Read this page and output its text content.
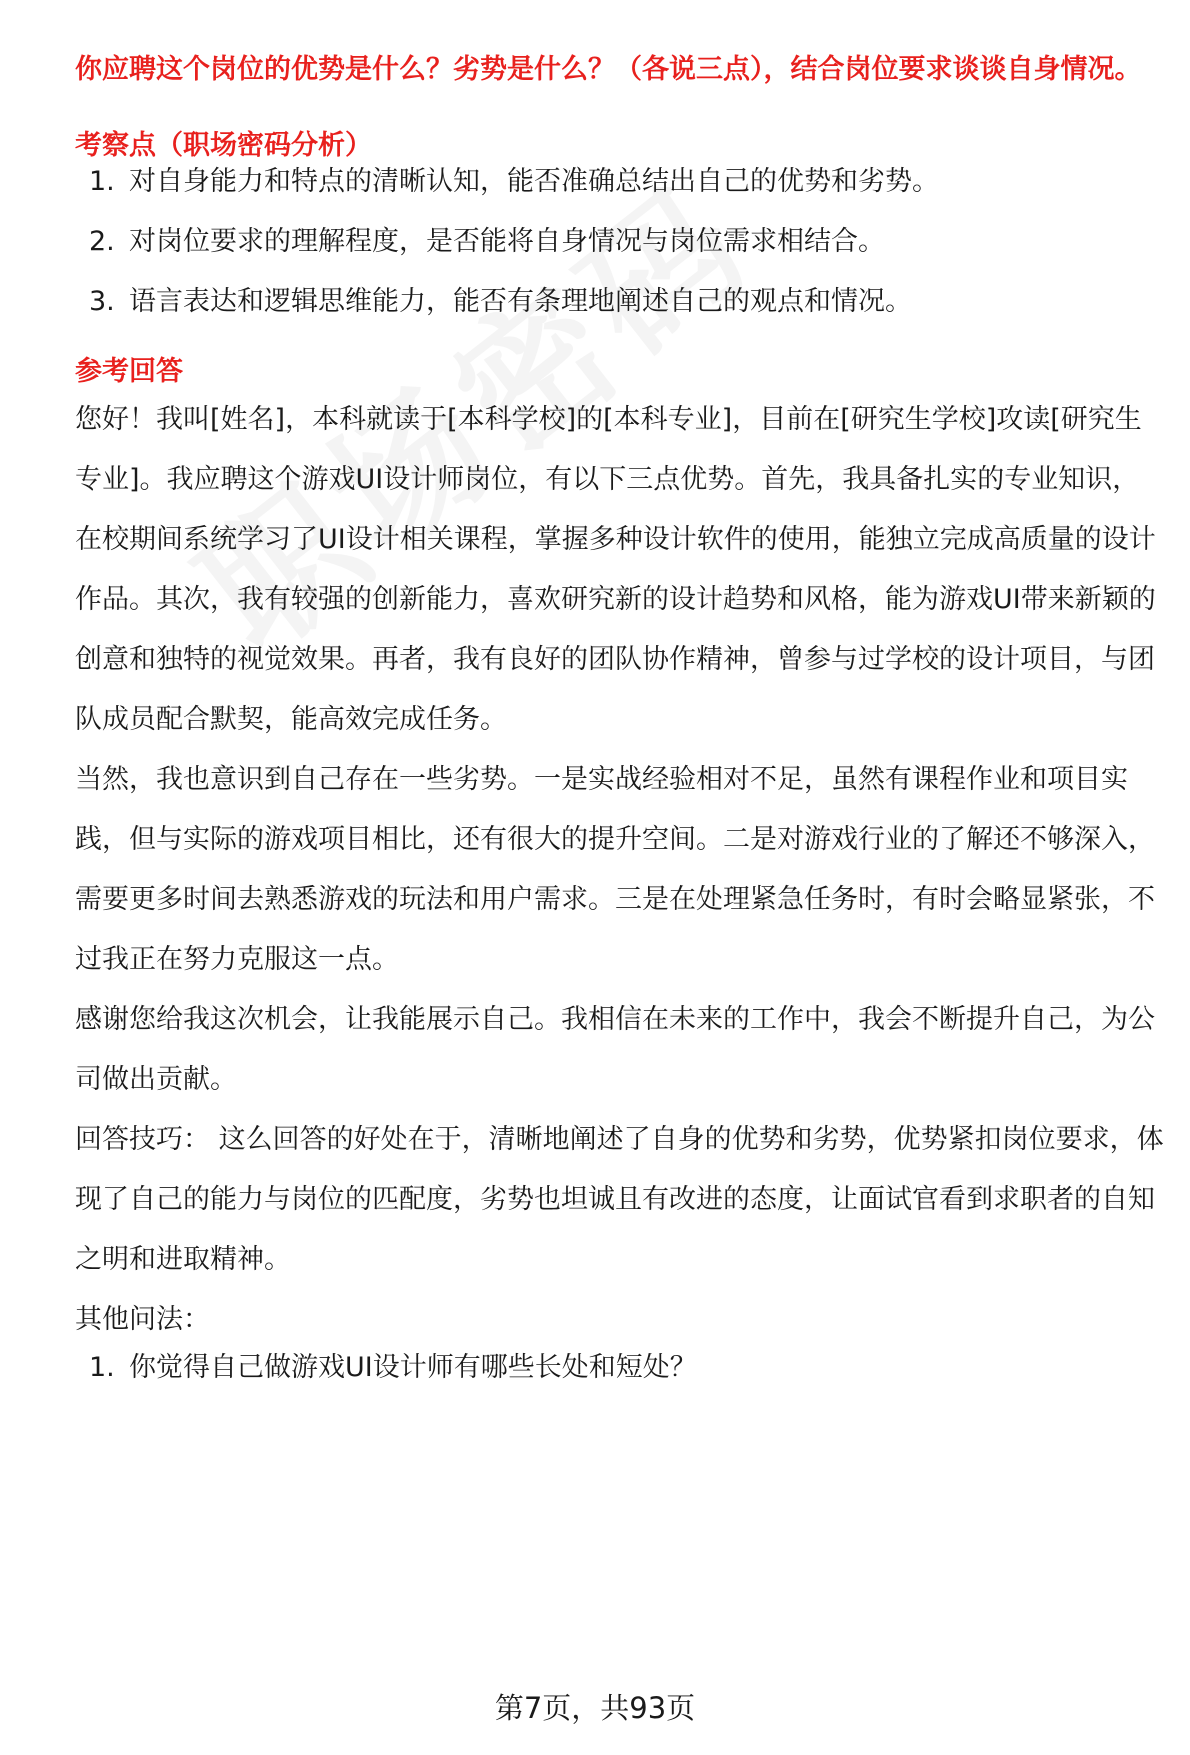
你应聘这个岗位的优势是什么？劣势是什么？（各说三点），结合岗位要求谈谈自身情况。

考察点（职场密码分析）

1. 对自身能力和特点的清晰认知，能否准确总结出自己的优势和劣势。
2. 对岗位要求的理解程度，是否能将自身情况与岗位需求相结合。
3. 语言表达和逻辑思维能力，能否有条理地阐述自己的观点和情况。

参考回答

您好！我叫[姓名]，本科就读于[本科学校]的[本科专业]，目前在[研究生学校]攻读[研究生专业]。我应聘这个游戏UI设计师岗位，有以下三点优势。首先，我具备扎实的专业知识，在校期间系统学习了UI设计相关课程，掌握多种设计软件的使用，能独立完成高质量的设计作品。其次，我有较强的创新能力，喜欢研究新的设计趋势和风格，能为游戏UI带来新颖的创意和独特的视觉效果。再者，我有良好的团队协作精神，曾参与过学校的设计项目，与团队成员配合默契，能高效完成任务。

当然，我也意识到自己存在一些劣势。一是实战经验相对不足，虽然有课程作业和项目实践，但与实际的游戏项目相比，还有很大的提升空间。二是对游戏行业的了解还不够深入，需要更多时间去熟悉游戏的玩法和用户需求。三是在处理紧急任务时，有时会略显紧张，不过我正在努力克服这一点。

感谢您给我这次机会，让我能展示自己。我相信在未来的工作中，我会不断提升自己，为公司做出贡献。

回答技巧： 这么回答的好处在于，清晰地阐述了自身的优势和劣势，优势紧扣岗位要求，体现了自己的能力与岗位的匹配度，劣势也坦诚且有改进的态度，让面试官看到求职者的自知之明和进取精神。

其他问法：

1. 你觉得自己做游戏UI设计师有哪些长处和短处？
第7页，共93页
